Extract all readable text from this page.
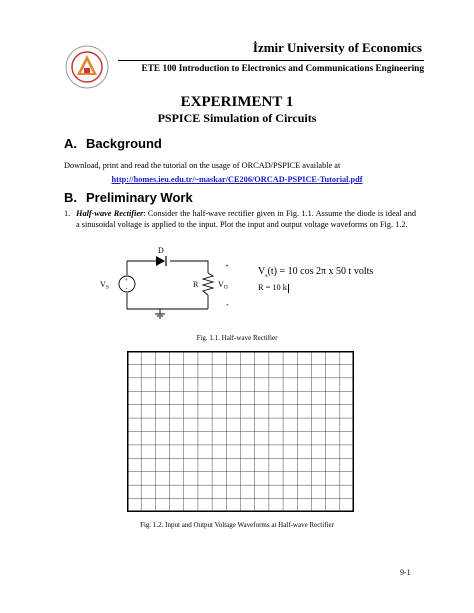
İzmir University of Economics
ETE 100 Introduction to Electronics and Communications Engineering
EXPERIMENT 1
PSPICE Simulation of Circuits
A. Background
Download, print and read the tutorial on the usage of ORCAD/PSPICE available at
http://homes.ieu.edu.tr/~maskar/CE206/ORCAD-PSPICE-Tutorial.pdf
B. Preliminary Work
1. Half-wave Rectifier: Consider the half-wave rectifier given in Fig. 1.1. Assume the diode is ideal and a sinusoidal voltage is applied to the input. Plot the input and output voltage waveforms on Fig. 1.2.
D
+
-
VS	R VO
+
-
$V_s(t) = 10$ cos 2π x 50 t volts
R = 10 k
Fig. 1.1. Half-wave Rectifier
Fig. 1.2. Input and Output Voltage Waveforms at Half-wave Rectifier
9-1
